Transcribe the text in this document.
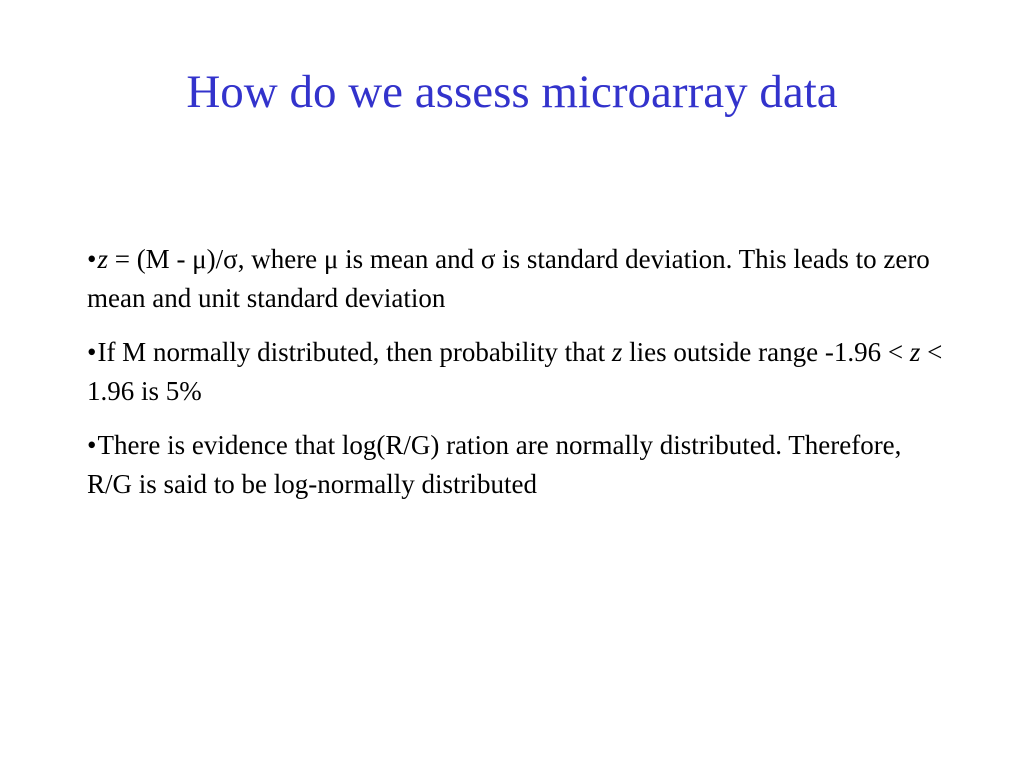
How do we assess microarray data

•z = (M - μ)/σ, where μ is mean and σ is standard deviation. This leads to zero mean and unit standard deviation

•If M normally distributed, then probability that z lies outside range -1.96 < z < 1.96 is 5%

•There is evidence that log(R/G) ration are normally distributed. Therefore, R/G is said to be log-normally distributed
